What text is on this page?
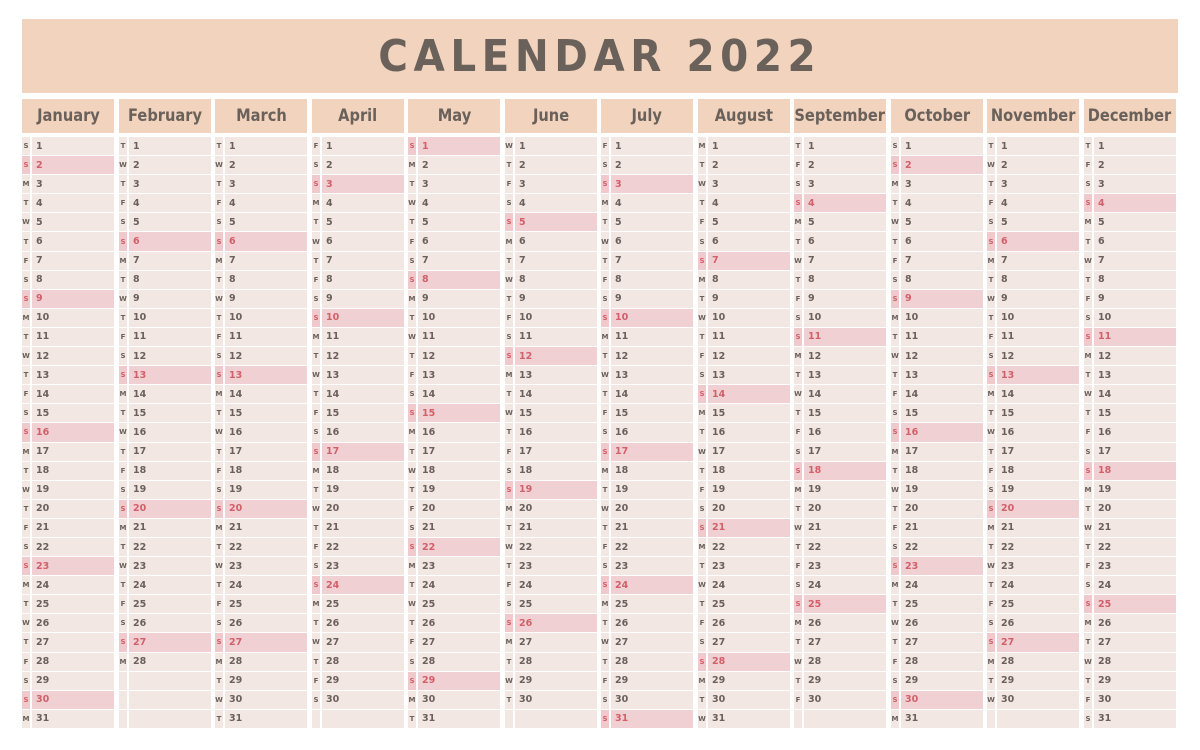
CALENDAR 2022
January
S 1
S 2
M 3
T 4
W 5
T 6
F 7
S 8
S 9
M 10
T 11
W 12
T 13
F 14
S 15
S 16
M 17
T 18
W 19
T 20
F 21
S 22
S 23
M 24
T 25
W 26
T 27
F 28
S 29
S 30
M 31
February
T 1
W 2
T 3
F 4
S 5
S 6
M 7
T 8
W 9
T 10
F 11
S 12
S 13
M 14
T 15
W 16
T 17
F 18
S 19
S 20
M 21
T 22
W 23
T 24
F 25
S 26
S 27
M 28
March
T 1
W 2
T 3
F 4
S 5
S 6
M 7
T 8
W 9
T 10
F 11
S 12
S 13
M 14
T 15
W 16
T 17
F 18
S 19
S 20
M 21
T 22
W 23
T 24
F 25
S 26
S 27
M 28
T 29
W 30
T 31
April
F 1
S 2
S 3
M 4
T 5
W 6
T 7
F 8
S 9
S 10
M 11
T 12
W 13
T 14
F 15
S 16
S 17
M 18
T 19
W 20
T 21
F 22
S 23
S 24
M 25
T 26
W 27
T 28
F 29
S 30
May
S 1
M 2
T 3
W 4
T 5
F 6
S 7
S 8
M 9
T 10
W 11
T 12
F 13
S 14
S 15
M 16
T 17
W 18
T 19
F 20
S 21
S 22
M 23
T 24
W 25
T 26
F 27
S 28
S 29
M 30
T 31
June
W 1
T 2
F 3
S 4
S 5
M 6
T 7
W 8
T 9
F 10
S 11
S 12
M 13
T 14
W 15
T 16
F 17
S 18
S 19
M 20
T 21
W 22
T 23
F 24
S 25
S 26
M 27
T 28
W 29
T 30
July
F 1
S 2
S 3
M 4
T 5
W 6
T 7
F 8
S 9
S 10
M 11
T 12
W 13
T 14
F 15
S 16
S 17
M 18
T 19
W 20
T 21
F 22
S 23
S 24
M 25
T 26
W 27
T 28
F 29
S 30
S 31
August
M 1
T 2
W 3
T 4
F 5
S 6
S 7
M 8
T 9
W 10
T 11
F 12
S 13
S 14
M 15
T 16
W 17
T 18
F 19
S 20
S 21
M 22
T 23
W 24
T 25
F 26
S 27
S 28
M 29
T 30
W 31
September
T 1
F 2
S 3
S 4
M 5
T 6
W 7
T 8
F 9
S 10
S 11
M 12
T 13
W 14
T 15
F 16
S 17
S 18
M 19
T 20
W 21
T 22
F 23
S 24
S 25
M 26
T 27
W 28
T 29
F 30
October
S 1
S 2
M 3
T 4
W 5
T 6
F 7
S 8
S 9
M 10
T 11
W 12
T 13
F 14
S 15
S 16
M 17
T 18
W 19
T 20
F 21
S 22
S 23
M 24
T 25
W 26
T 27
F 28
S 29
S 30
M 31
November
T 1
W 2
T 3
F 4
S 5
S 6
M 7
T 8
W 9
T 10
F 11
S 12
S 13
M 14
T 15
W 16
T 17
F 18
S 19
S 20
M 21
T 22
W 23
T 24
F 25
S 26
S 27
M 28
T 29
W 30
December
T 1
F 2
S 3
S 4
M 5
T 6
W 7
T 8
F 9
S 10
S 11
M 12
T 13
W 14
T 15
F 16
S 17
S 18
M 19
T 20
W 21
T 22
F 23
S 24
S 25
M 26
T 27
W 28
T 29
F 30
S 31
